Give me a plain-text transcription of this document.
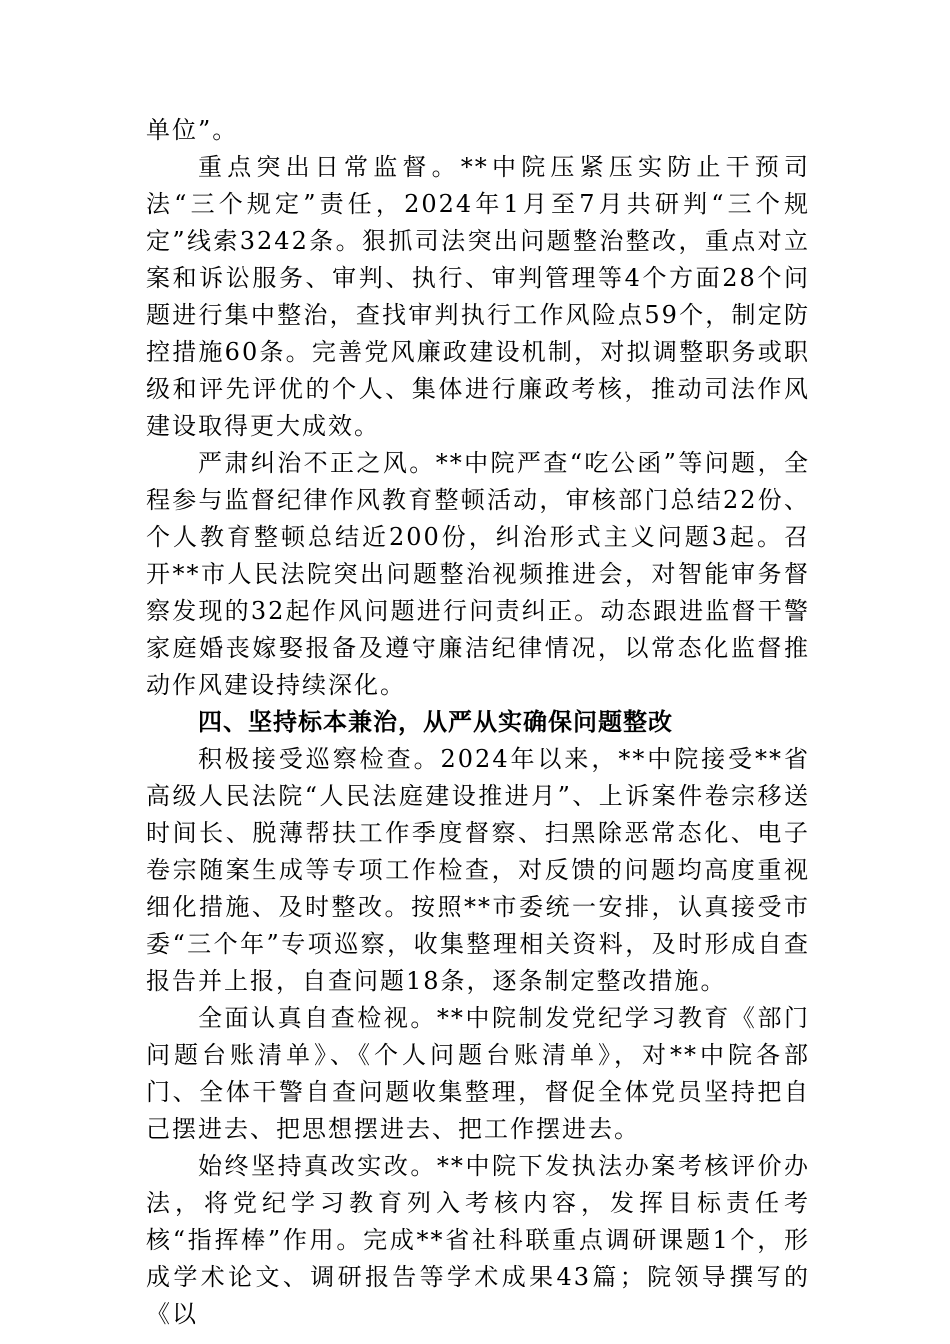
单位”。

重点突出日常监督。**中院压紧压实防止干预司法“三个规定”责任，2024年1月至7月共研判“三个规定”线索3242条。狠抓司法突出问题整治整改，重点对立案和诉讼服务、审判、执行、审判管理等4个方面28个问题进行集中整治，查找审判执行工作风险点59个，制定防控措施60条。完善党风廉政建设机制，对拟调整职务或职级和评先评优的个人、集体进行廉政考核，推动司法作风建设取得更大成效。

严肃纠治不正之风。**中院严查“吃公函”等问题，全程参与监督纪律作风教育整顿活动，审核部门总结22份、个人教育整顿总结近200份，纠治形式主义问题3起。召开**市人民法院突出问题整治视频推进会，对智能审务督察发现的32起作风问题进行问责纠正。动态跟进监督干警家庭婚丧嫁娶报备及遵守廉洁纪律情况，以常态化监督推动作风建设持续深化。

四、坚持标本兼治，从严从实确保问题整改

积极接受巡察检查。2024年以来，**中院接受**省高级人民法院“人民法庭建设推进月”、上诉案件卷宗移送时间长、脱薄帮扶工作季度督察、扫黑除恶常态化、电子卷宗随案生成等专项工作检查，对反馈的问题均高度重视细化措施、及时整改。按照**市委统一安排，认真接受市委“三个年”专项巡察，收集整理相关资料，及时形成自查报告并上报，自查问题18条，逐条制定整改措施。

全面认真自查检视。**中院制发党纪学习教育《部门问题台账清单》、《个人问题台账清单》，对**中院各部门、全体干警自查问题收集整理，督促全体党员坚持把自己摆进去、把思想摆进去、把工作摆进去。

始终坚持真改实改。**中院下发执法办案考核评价办法，将党纪学习教育列入考核内容，发挥目标责任考核“指挥棒”作用。完成**省社科联重点调研课题1个，形成学术论文、调研报告等学术成果43篇；院领导撰写的《以
